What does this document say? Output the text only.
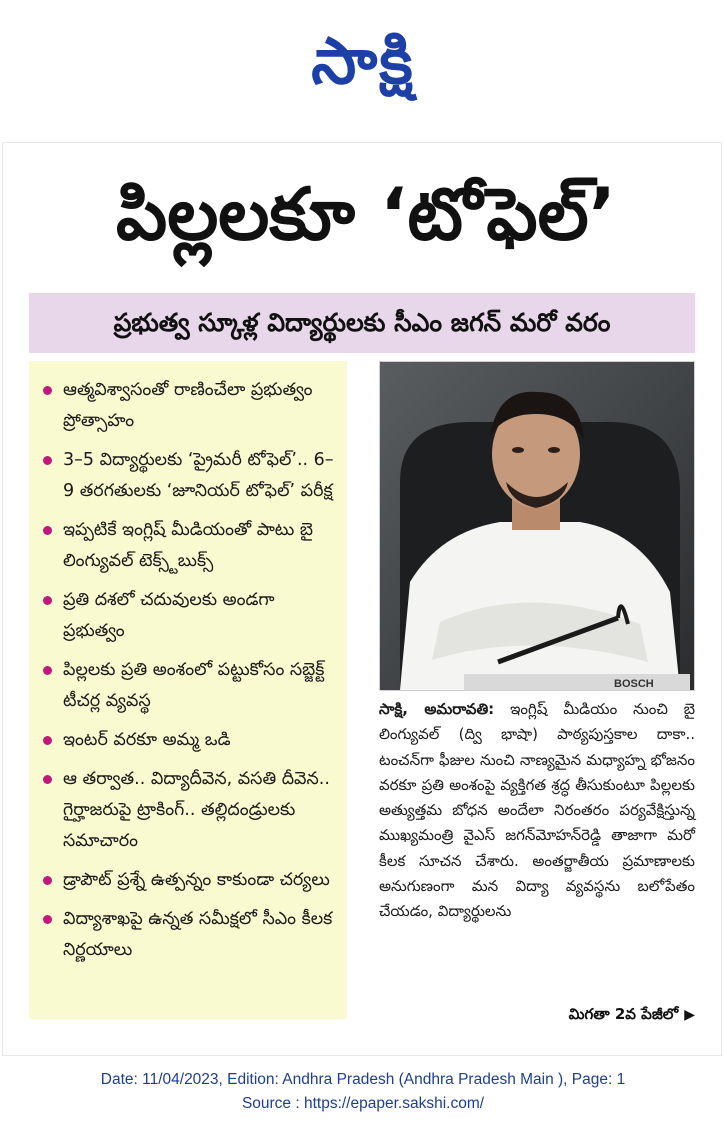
సాక్షి
పిల్లలకూ ‘టోఫెల్’
ప్రభుత్వ స్కూళ్ల విద్యార్థులకు సీఎం జగన్ మరో వరం
ఆత్మవిశ్వాసంతో రాణించేలా ప్రభుత్వం ప్రోత్సాహం
3–5 విద్యార్థులకు ‘ప్రైమరీ టోఫెల్’.. 6–9 తరగతులకు ‘జూనియర్ టోఫెల్’ పరీక్ష
ఇప్పటికే ఇంగ్లిష్ మీడియంతో పాటు బై లింగ్యువల్ టెక్స్ట్‌బుక్స్
ప్రతి దశలో చదువులకు అండగా ప్రభుత్వం
పిల్లలకు ప్రతి అంశంలో పట్టుకోసం సబ్జెక్ట్ టీచర్ల వ్యవస్థ
ఇంటర్ వరకూ అమ్మ ఒడి
ఆ తర్వాత.. విద్యాదీవెన, వసతి దీవెన.. గైర్హాజరుపై ట్రాకింగ్.. తల్లిదండ్రులకు సమాచారం
డ్రాపౌట్ ప్రశ్నే ఉత్పన్నం కాకుండా చర్యలు
విద్యాశాఖపై ఉన్నత సమీక్షలో సీఎం కీలక నిర్ణయాలు
BOSCH
సాక్షి, అమరావతి: ఇంగ్లిష్ మీడియం నుంచి బై లింగ్యువల్ (ద్వి భాషా) పాఠ్యపుస్తకాల దాకా.. టంచన్‌గా ఫీజుల నుంచి నాణ్యమైన మధ్యాహ్న భోజనం వరకూ ప్రతి అంశంపై వ్యక్తిగత శ్రద్ధ తీసుకుంటూ పిల్లలకు అత్యుత్తమ బోధన అందేలా నిరంతరం పర్యవేక్షిస్తున్న ముఖ్యమంత్రి వైఎస్ జగన్‌మోహన్‌రెడ్డి తాజాగా మరో కీలక సూచన చేశారు. అంతర్జాతీయ ప్రమాణాలకు అనుగుణంగా మన విద్యా వ్యవస్థను బలోపేతం చేయడం, విద్యార్థులను
మిగతా 2వ పేజీలో ▶
Date: 11/04/2023, Edition: Andhra Pradesh (Andhra Pradesh Main ), Page: 1
Source : https://epaper.sakshi.com/
